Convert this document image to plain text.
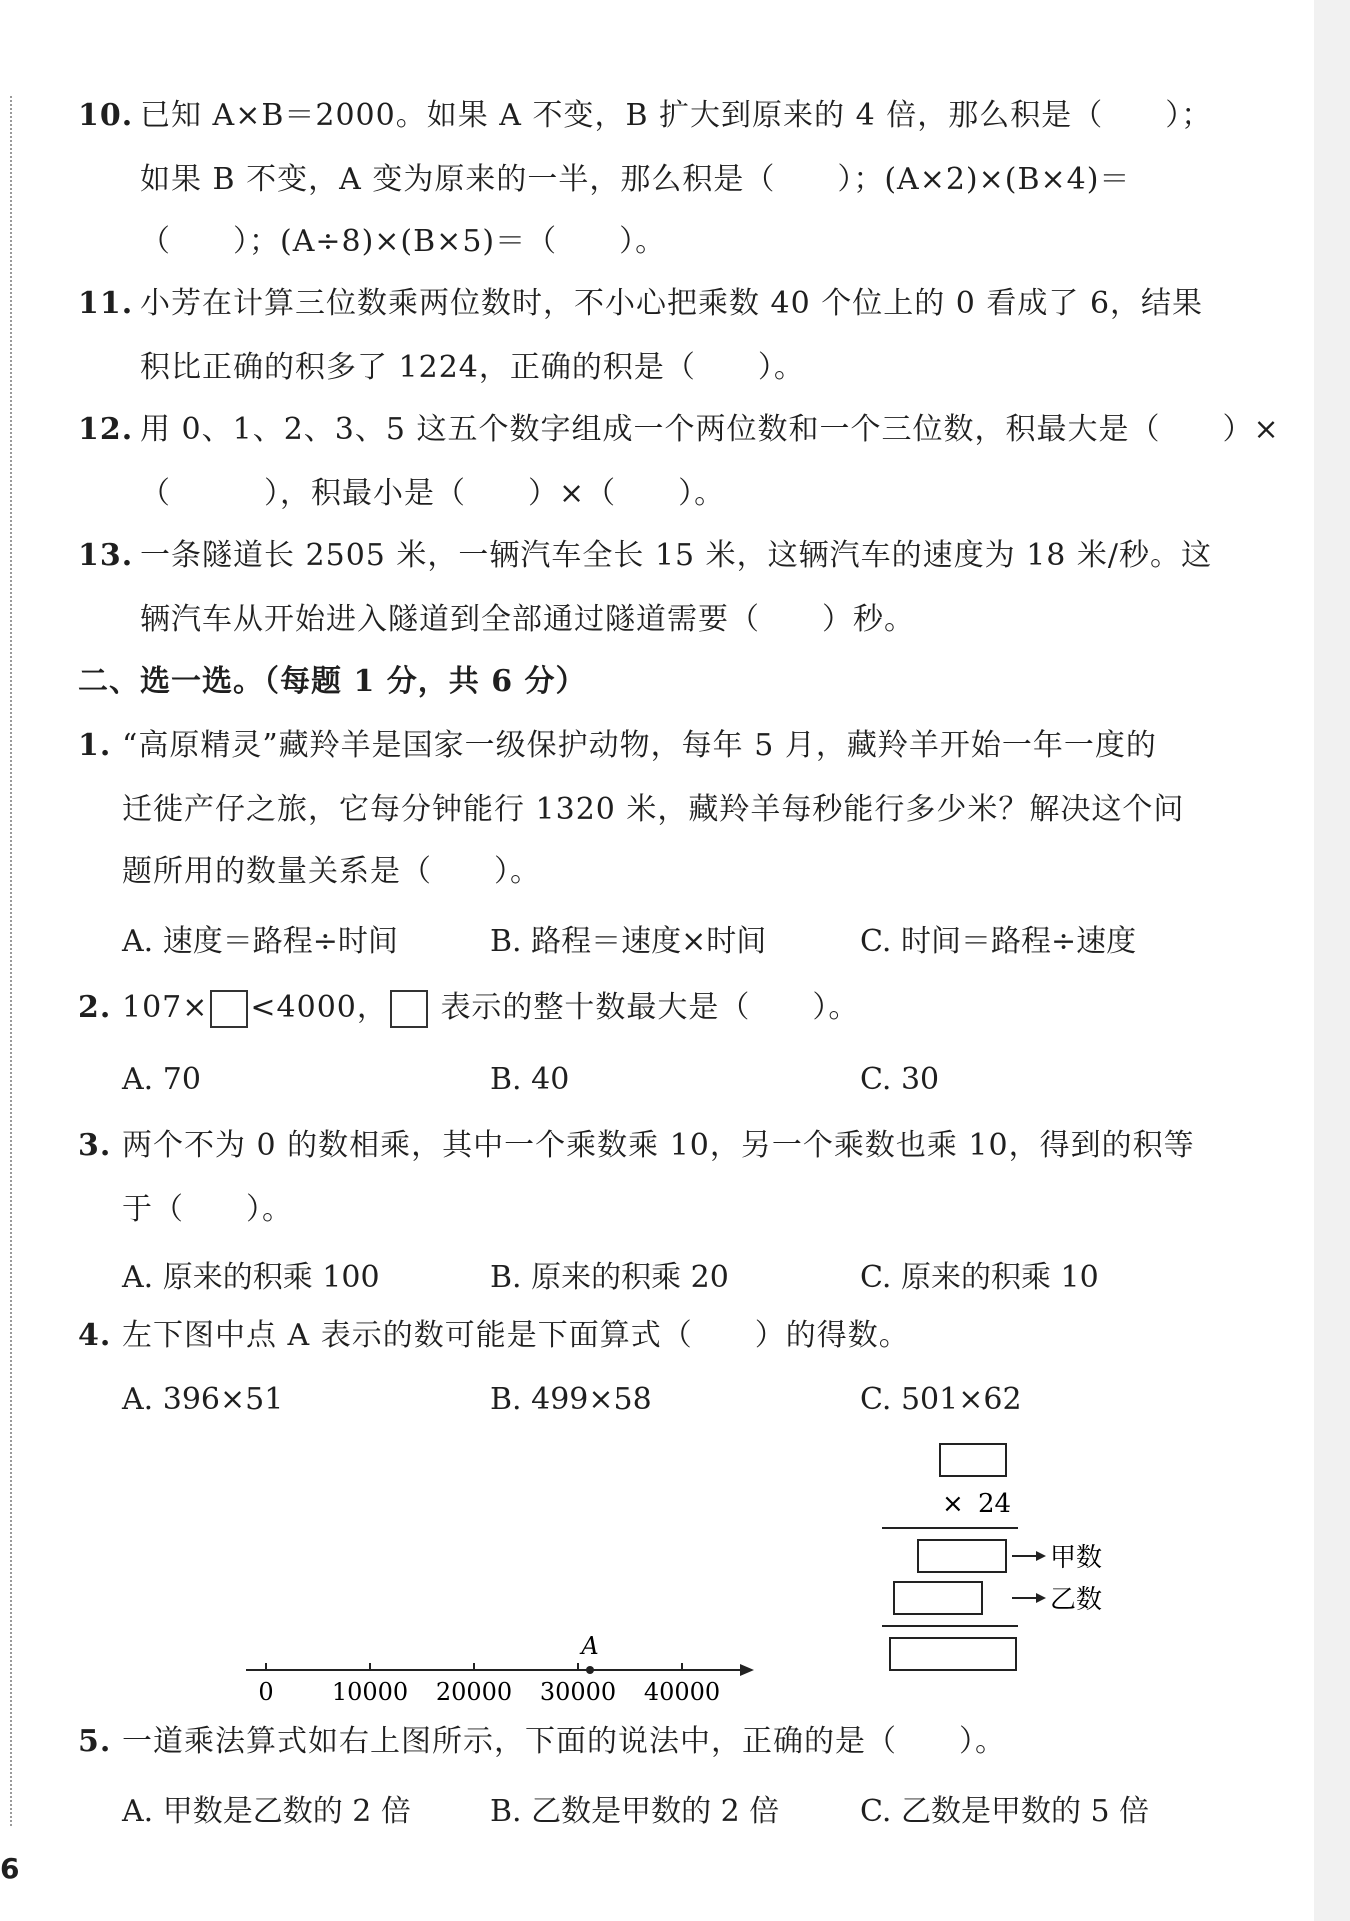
10. 已知 A×B＝2000。如果 A 不变，B 扩大到原来的 4 倍，那么积是（　　）；
如果 B 不变，A 变为原来的一半，那么积是（　　）；(A×2)×(B×4)＝
（　　）；(A÷8)×(B×5)＝（　　）。
11. 小芳在计算三位数乘两位数时，不小心把乘数 40 个位上的 0 看成了 6，结果
积比正确的积多了 1224，正确的积是（　　）。
12. 用 0、1、2、3、5 这五个数字组成一个两位数和一个三位数，积最大是（　　）×
（　　　），积最小是（　　）×（　　）。
13. 一条隧道长 2505 米，一辆汽车全长 15 米，这辆汽车的速度为 18 米/秒。这
辆汽车从开始进入隧道到全部通过隧道需要（　　）秒。
二、选一选。（每题 1 分，共 6 分）
1. “高原精灵”藏羚羊是国家一级保护动物，每年 5 月，藏羚羊开始一年一度的
迁徙产仔之旅，它每分钟能行 1320 米，藏羚羊每秒能行多少米？解决这个问
题所用的数量关系是（　　）。
A. 速度＝路程÷时间	B. 路程＝速度×时间	C. 时间＝路程÷速度
2. 107× <4000， 表示的整十数最大是（　　）。
A. 70	B. 40	C. 30
3. 两个不为 0 的数相乘，其中一个乘数乘 10，另一个乘数也乘 10，得到的积等
于（　　）。
A. 原来的积乘 100	B. 原来的积乘 20	C. 原来的积乘 10
4. 左下图中点 A 表示的数可能是下面算式（　　）的得数。
A. 396×51	B. 499×58	C. 501×62
0 10000 20000 30000 40000
A
× 24
甲数
乙数
5. 一道乘法算式如右上图所示，下面的说法中，正确的是（　　）。
A. 甲数是乙数的 2 倍	B. 乙数是甲数的 2 倍	C. 乙数是甲数的 5 倍
6
